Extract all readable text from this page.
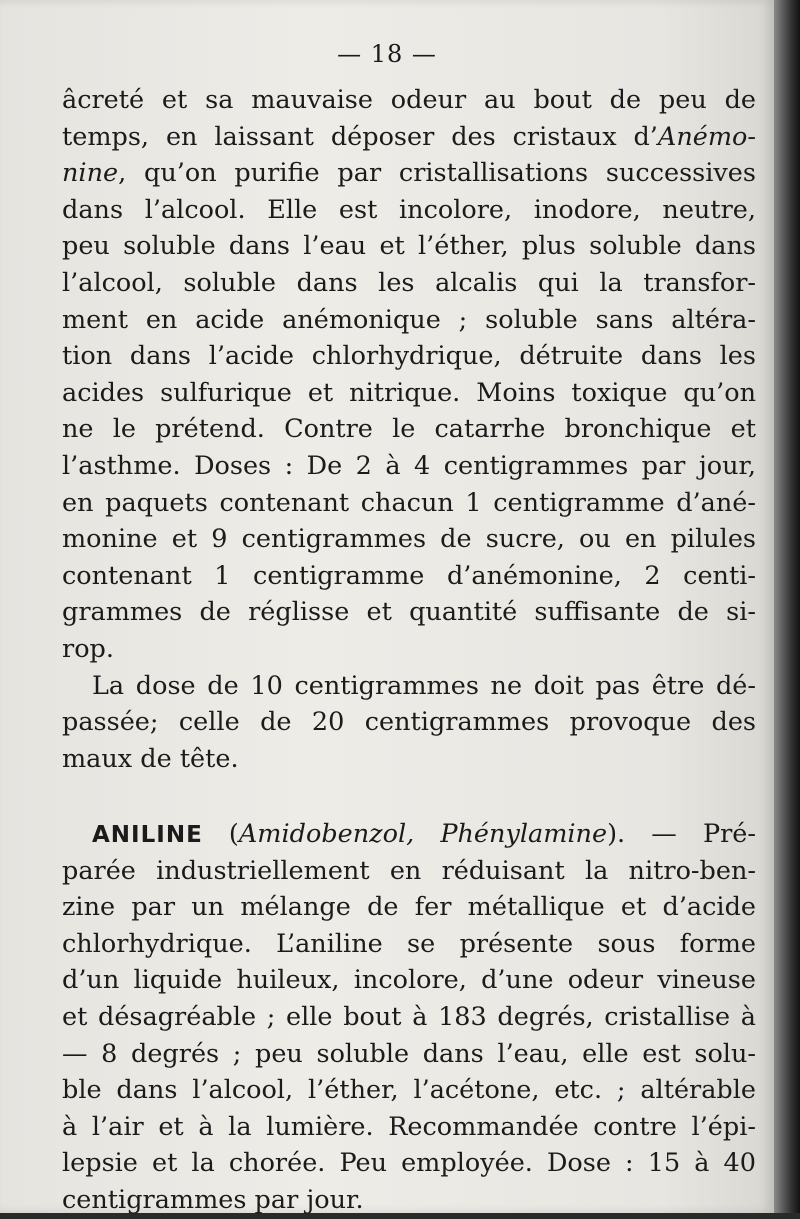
— 18 —
âcreté et sa mauvaise odeur au bout de peu de
temps, en laissant déposer des cristaux d’Anémo-
nine, qu’on purifie par cristallisations successives
dans l’alcool. Elle est incolore, inodore, neutre,
peu soluble dans l’eau et l’éther, plus soluble dans
l’alcool, soluble dans les alcalis qui la transfor-
ment en acide anémonique ; soluble sans altéra-
tion dans l’acide chlorhydrique, détruite dans les
acides sulfurique et nitrique. Moins toxique qu’on
ne le prétend. Contre le catarrhe bronchique et
l’asthme. Doses : De 2 à 4 centigrammes par jour,
en paquets contenant chacun 1 centigramme d’ané-
monine et 9 centigrammes de sucre, ou en pilules
contenant 1 centigramme d’anémonine, 2 centi-
grammes de réglisse et quantité suffisante de si-
rop.
La dose de 10 centigrammes ne doit pas être dé-
passée; celle de 20 centigrammes provoque des
maux de tête.
ANILINE (Amidobenzol, Phénylamine). — Pré-
parée industriellement en réduisant la nitro-ben-
zine par un mélange de fer métallique et d’acide
chlorhydrique. L’aniline se présente sous forme
d’un liquide huileux, incolore, d’une odeur vineuse
et désagréable ; elle bout à 183 degrés, cristallise à
— 8 degrés ; peu soluble dans l’eau, elle est solu-
ble dans l’alcool, l’éther, l’acétone, etc. ; altérable
à l’air et à la lumière. Recommandée contre l’épi-
lepsie et la chorée. Peu employée. Dose : 15 à 40
centigrammes par jour.
